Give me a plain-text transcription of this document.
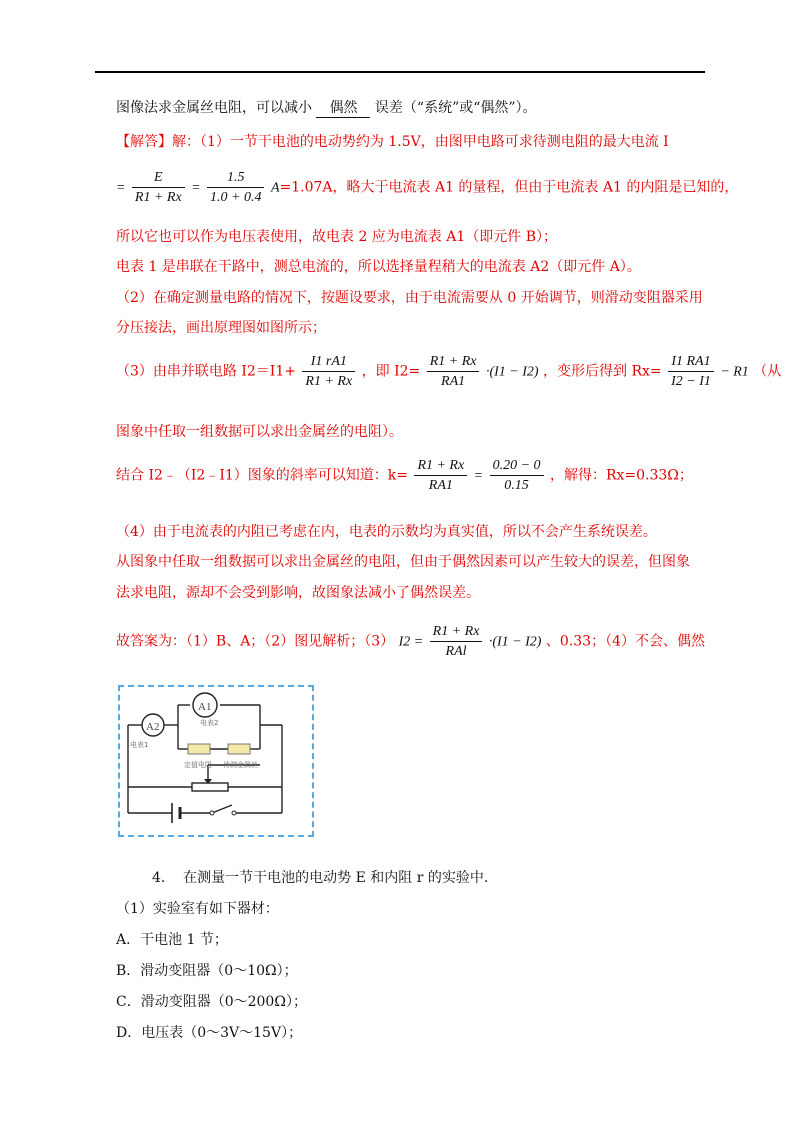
图像法求金属丝电阻，可以减小 偶然 误差（“系统”或“偶然”）。
【解答】解：（1）一节干电池的电动势约为 1.5V，由图甲电路可求待测电阻的最大电流 I
= $\frac{E}{R1 + Rx} = \frac{1.5}{1.0 + 0.4} A=1.07A$，略大于电流表 A1 的量程，但由于电流表 A1 的内阻是已知的，
所以它也可以作为电压表使用，故电表 2 应为电流表 A1（即元件 B）；
电表 1 是串联在干路中，测总电流的，所以选择量程稍大的电流表 A2（即元件 A）。
（2）在确定测量电路的情况下，按题设要求，由于电流需要从 0 开始调节，则滑动变阻器采用
分压接法，画出原理图如图所示；
（3）由串并联电路 $I2=I1+ \frac{I1 rA1}{R1 + Rx}$ ，即 $I2= \frac{R1 + Rx}{RA1} \cdot(I1 - I2)$ ，变形后得到 $Rx= \frac{I1 RA1}{I2 - I1} - R1$ （从
图象中任取一组数据可以求出金属丝的电阻）。
结合 I2﹣（I2﹣I1）图象的斜率可以知道：$k= \frac{R1 + Rx}{RA1} = \frac{0.20 - 0}{0.15}$ ，解得：Rx=0.33Ω；
（4）由于电流表的内阻已考虑在内，电表的示数均为真实值，所以不会产生系统误差。
从图象中任取一组数据可以求出金属丝的电阻，但由于偶然因素可以产生较大的误差，但图象
法求电阻，源却不会受到影响，故图象法减小了偶然误差。
故答案为：（1）B、A；（2）图见解析；（3） $I2 = \frac{R1 + Rx}{\text{RAl}} \cdot(I1 - I2)$ 、0.33；（4）不会、偶然
A2
A1
电表1
电表2
定值电阻 待测金属丝
4. 在测量一节干电池的电动势 E 和内阻 r 的实验中.
（1）实验室有如下器材：
A．干电池 1 节；
B．滑动变阻器（0～10Ω）；
C．滑动变阻器（0～200Ω）；
D．电压表（0～3V～15V）；
